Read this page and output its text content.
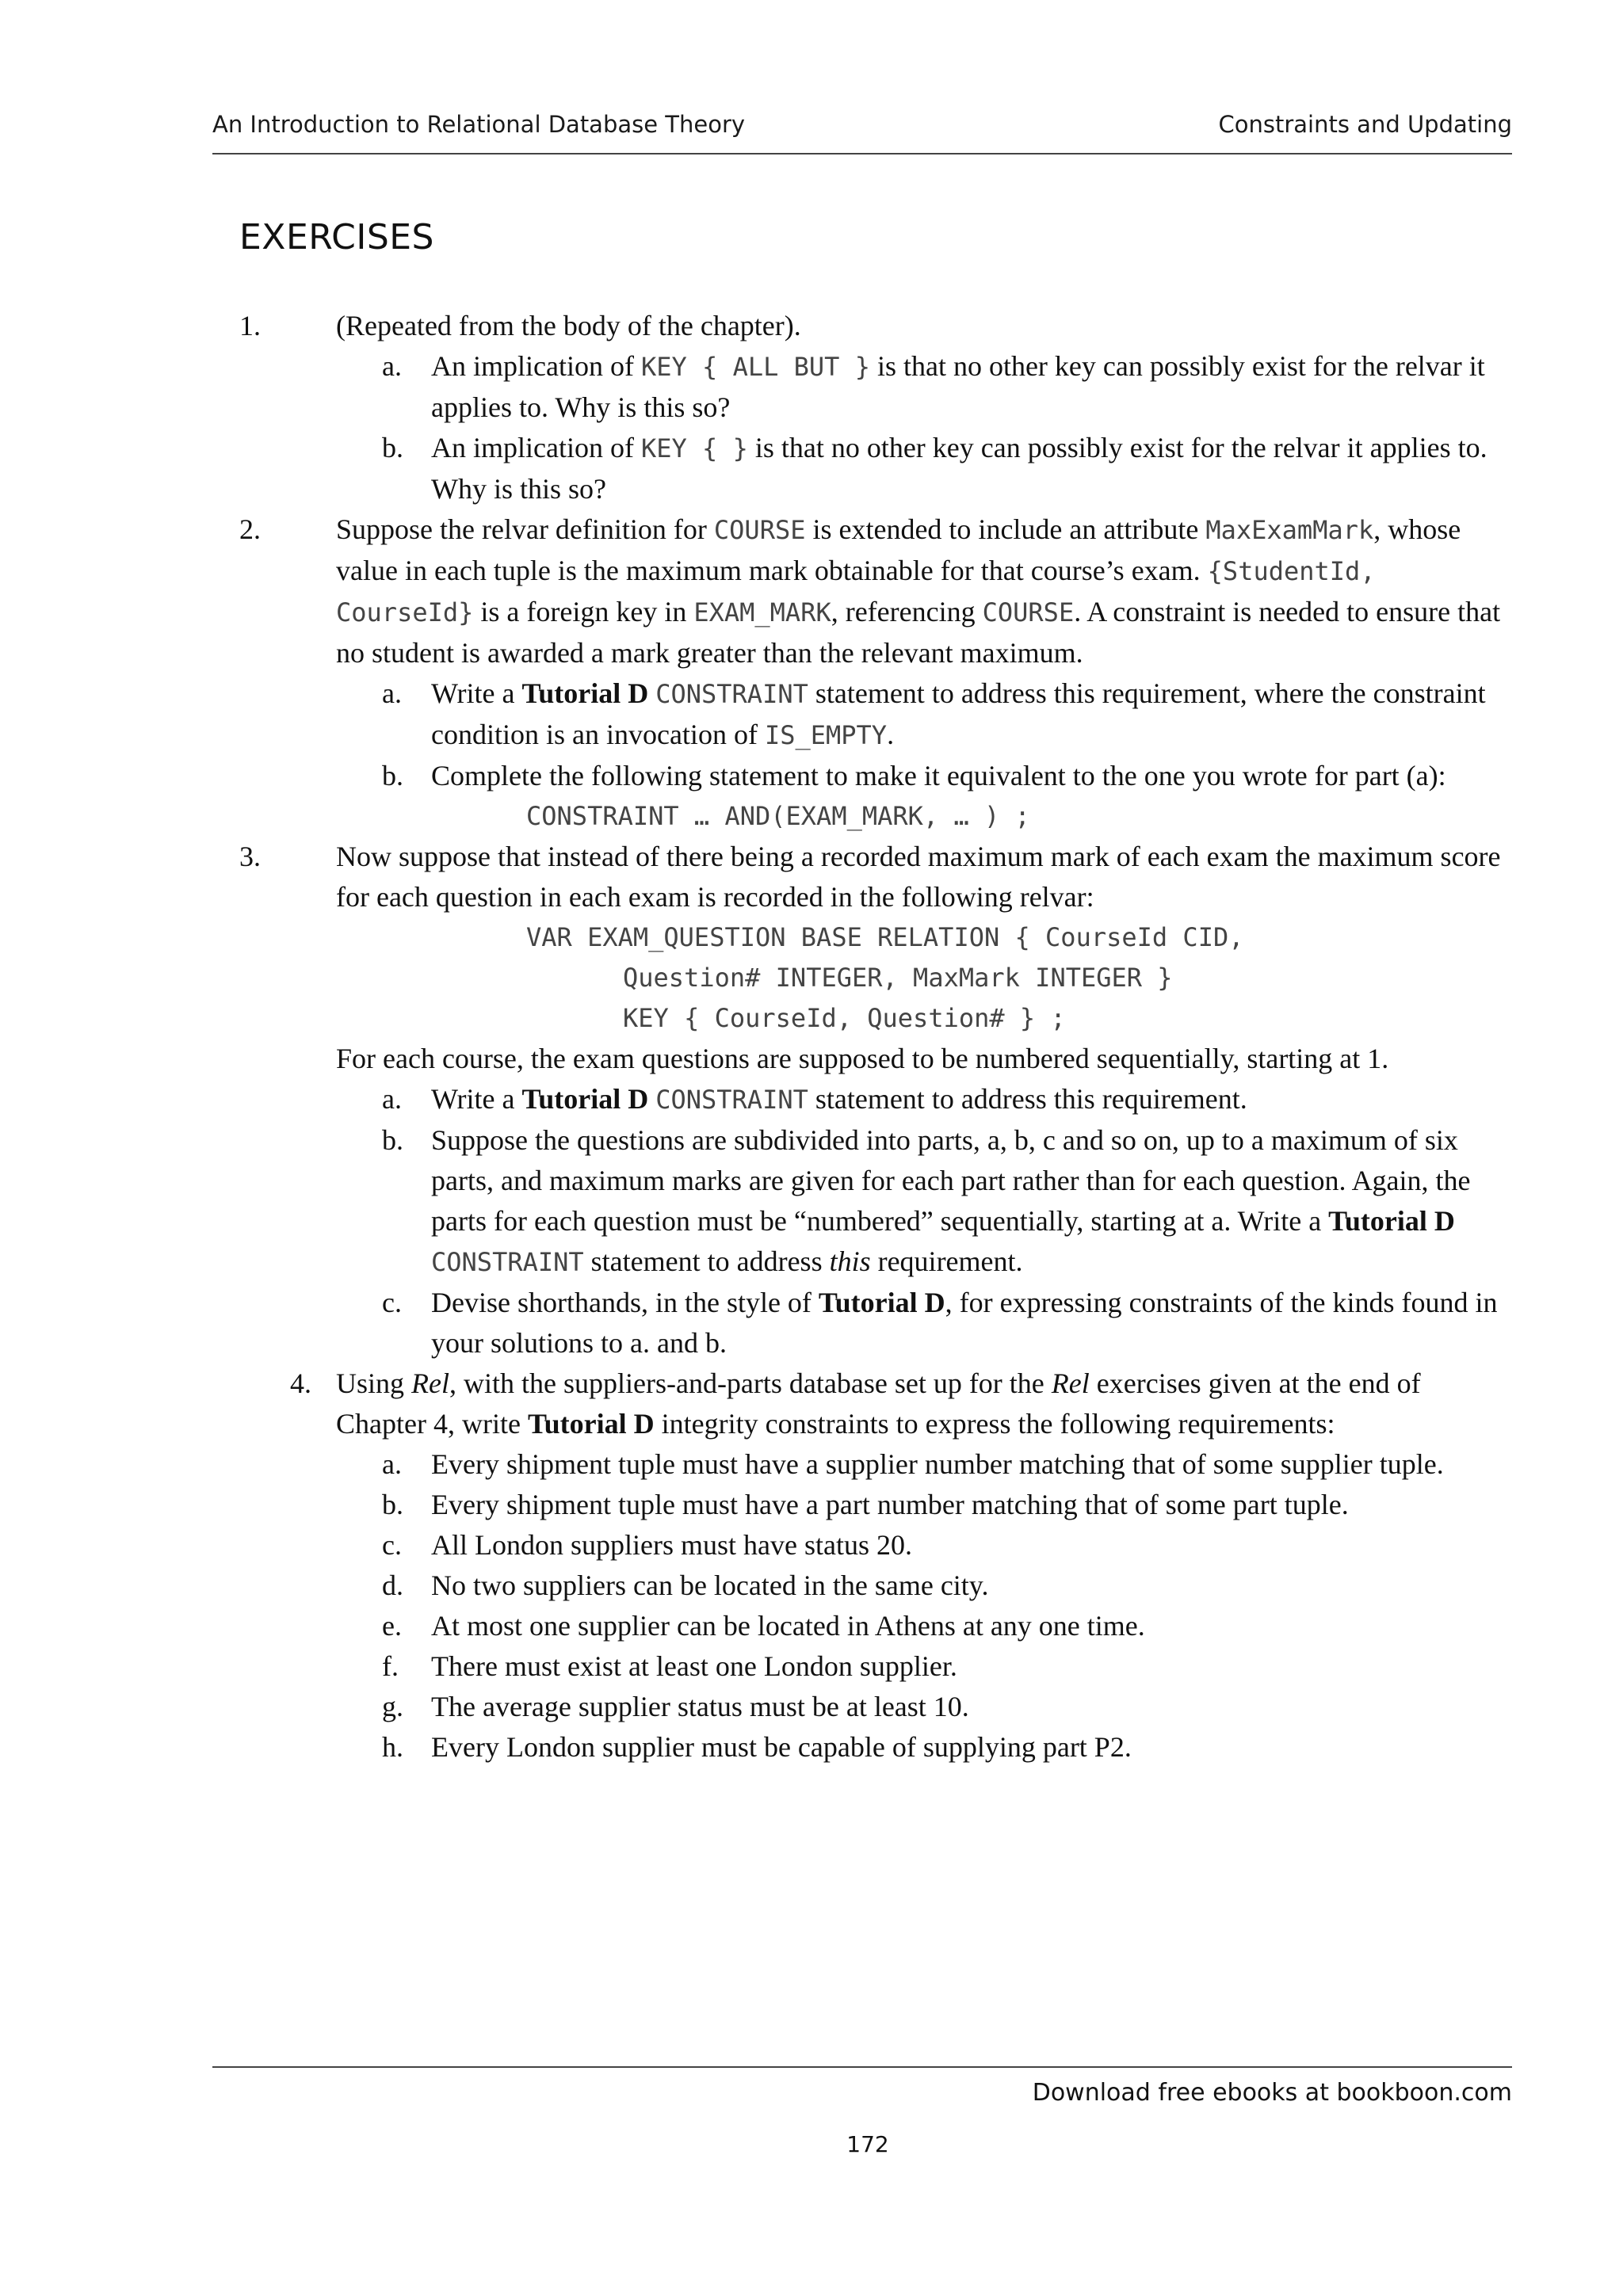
An Introduction to Relational Database Theory	Constraints and Updating
EXERCISES
1.	(Repeated from the body of the chapter).
a. An implication of KEY { ALL BUT } is that no other key can possibly exist for the relvar it applies to. Why is this so?
b. An implication of KEY { } is that no other key can possibly exist for the relvar it applies to. Why is this so?
2.	Suppose the relvar definition for COURSE is extended to include an attribute MaxExamMark, whose value in each tuple is the maximum mark obtainable for that course’s exam. {StudentId, CourseId} is a foreign key in EXAM_MARK, referencing COURSE. A constraint is needed to ensure that no student is awarded a mark greater than the relevant maximum.
a. Write a Tutorial D CONSTRAINT statement to address this requirement, where the constraint condition is an invocation of IS_EMPTY.
b. Complete the following statement to make it equivalent to the one you wrote for part (a):
CONSTRAINT … AND(EXAM_MARK, … ) ;
3.	Now suppose that instead of there being a recorded maximum mark of each exam the maximum score for each question in each exam is recorded in the following relvar:
VAR EXAM_QUESTION BASE RELATION { CourseId CID,
Question# INTEGER, MaxMark INTEGER }
KEY { CourseId, Question# } ;
For each course, the exam questions are supposed to be numbered sequentially, starting at 1.
a. Write a Tutorial D CONSTRAINT statement to address this requirement.
b. Suppose the questions are subdivided into parts, a, b, c and so on, up to a maximum of six parts, and maximum marks are given for each part rather than for each question. Again, the parts for each question must be “numbered” sequentially, starting at a. Write a Tutorial D CONSTRAINT statement to address this requirement.
c. Devise shorthands, in the style of Tutorial D, for expressing constraints of the kinds found in your solutions to a. and b.
4. Using Rel, with the suppliers-and-parts database set up for the Rel exercises given at the end of Chapter 4, write Tutorial D integrity constraints to express the following requirements:
a. Every shipment tuple must have a supplier number matching that of some supplier tuple.
b. Every shipment tuple must have a part number matching that of some part tuple.
c. All London suppliers must have status 20.
d. No two suppliers can be located in the same city.
e. At most one supplier can be located in Athens at any one time.
f. There must exist at least one London supplier.
g. The average supplier status must be at least 10.
h. Every London supplier must be capable of supplying part P2.
Download free ebooks at bookboon.com
172
